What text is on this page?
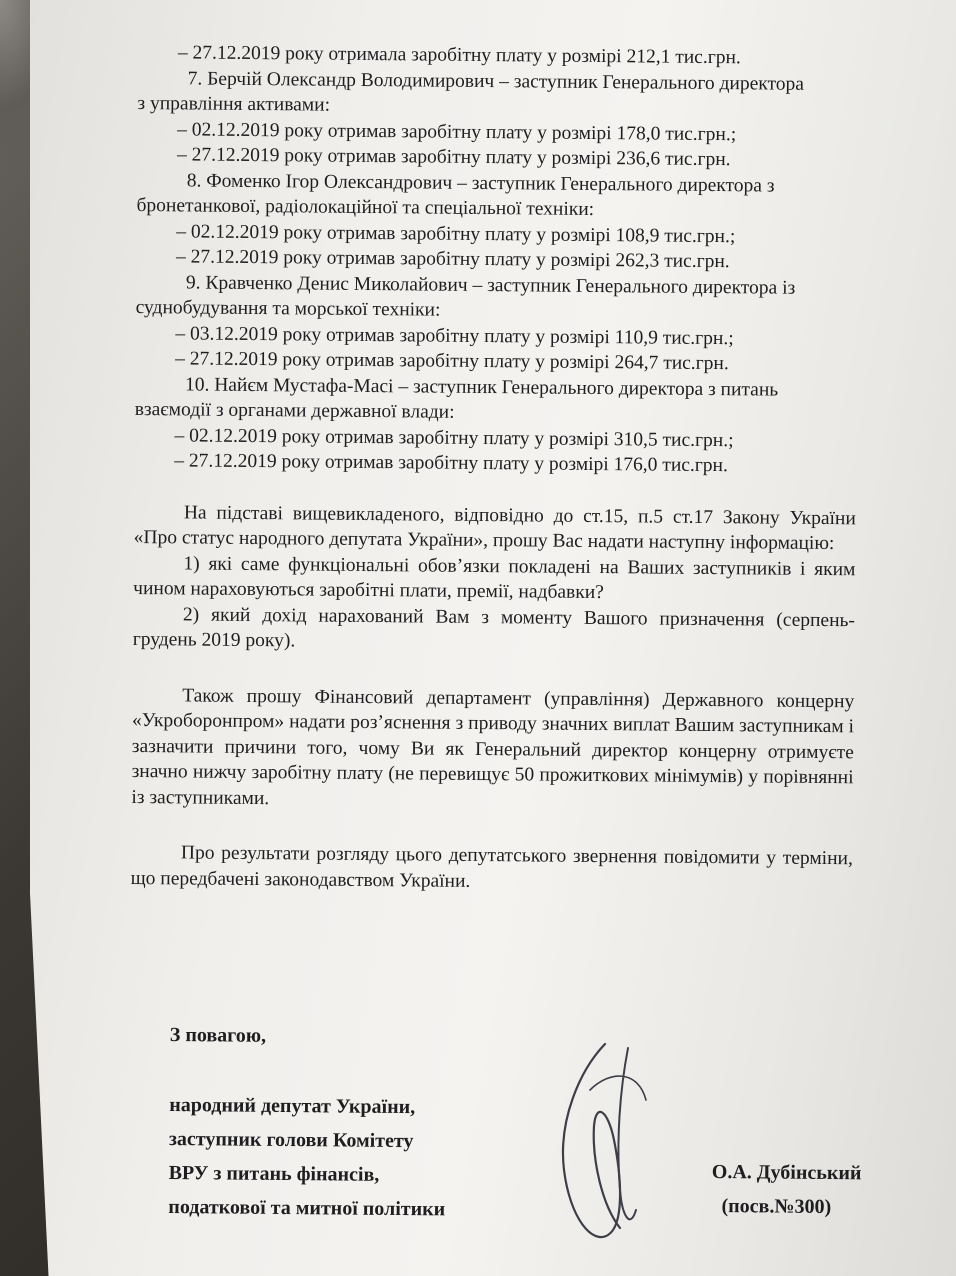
– 27.12.2019 року отримала заробітну плату у розмірі 212,1 тис.грн.
7. Берчій Олександр Володимирович – заступник Генерального директора
з управління активами:
– 02.12.2019 року отримав заробітну плату у розмірі 178,0 тис.грн.;
– 27.12.2019 року отримав заробітну плату у розмірі 236,6 тис.грн.
8. Фоменко Ігор Олександрович – заступник Генерального директора з
бронетанкової, радіолокаційної та спеціальної техніки:
– 02.12.2019 року отримав заробітну плату у розмірі 108,9 тис.грн.;
– 27.12.2019 року отримав заробітну плату у розмірі 262,3 тис.грн.
9. Кравченко Денис Миколайович – заступник Генерального директора із
суднобудування та морської техніки:
– 03.12.2019 року отримав заробітну плату у розмірі 110,9 тис.грн.;
– 27.12.2019 року отримав заробітну плату у розмірі 264,7 тис.грн.
10. Найєм Мустафа-Масі – заступник Генерального директора з питань
взаємодії з органами державної влади:
– 02.12.2019 року отримав заробітну плату у розмірі 310,5 тис.грн.;
– 27.12.2019 року отримав заробітну плату у розмірі 176,0 тис.грн.
На підставі вищевикладеного, відповідно до ст.15, п.5 ст.17 Закону України «Про статус народного депутата України», прошу Вас надати наступну інформацію:
1) які саме функціональні обов’язки покладені на Ваших заступників і яким чином нараховуються заробітні плати, премії, надбавки?
2) який дохід нарахований Вам з моменту Вашого призначення (серпень-грудень 2019 року).
Також прошу Фінансовий департамент (управління) Державного концерну «Укроборонпром» надати роз’яснення з приводу значних виплат Вашим заступникам і зазначити причини того, чому Ви як Генеральний директор концерну отримуєте значно нижчу заробітну плату (не перевищує 50 прожиткових мінімумів) у порівнянні із заступниками.
Про результати розгляду цього депутатського звернення повідомити у терміни, що передбачені законодавством України.
З повагою,
народний депутат України,
заступник голови Комітету
ВРУ з питань фінансів,
податкової та митної політики
О.А. Дубінський
(посв.№300)
